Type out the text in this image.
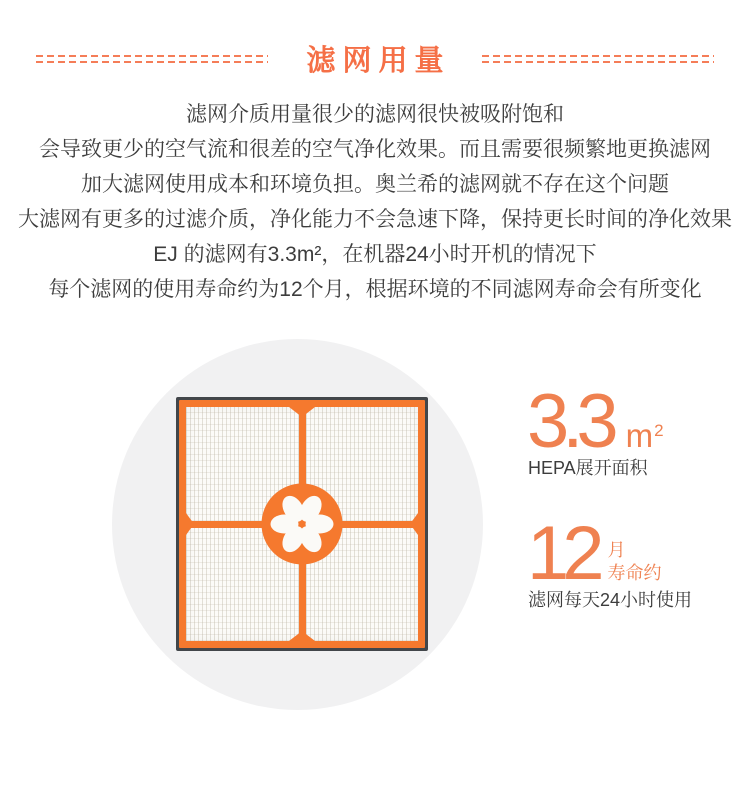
滤网用量

滤网介质用量很少的滤网很快被吸附饱和

会导致更少的空气流和很差的空气净化效果。而且需要很频繁地更换滤网

加大滤网使用成本和环境负担。奥兰希的滤网就不存在这个问题

大滤网有更多的过滤介质，净化能力不会急速下降，保持更长时间的净化效果

EJ 的滤网有3.3m²，在机器24小时开机的情况下

每个滤网的使用寿命约为12个月，根据环境的不同滤网寿命会有所变化

3.3 $m^2$
HEPA展开面积
12 月
寿命约
滤网每天24小时使用
